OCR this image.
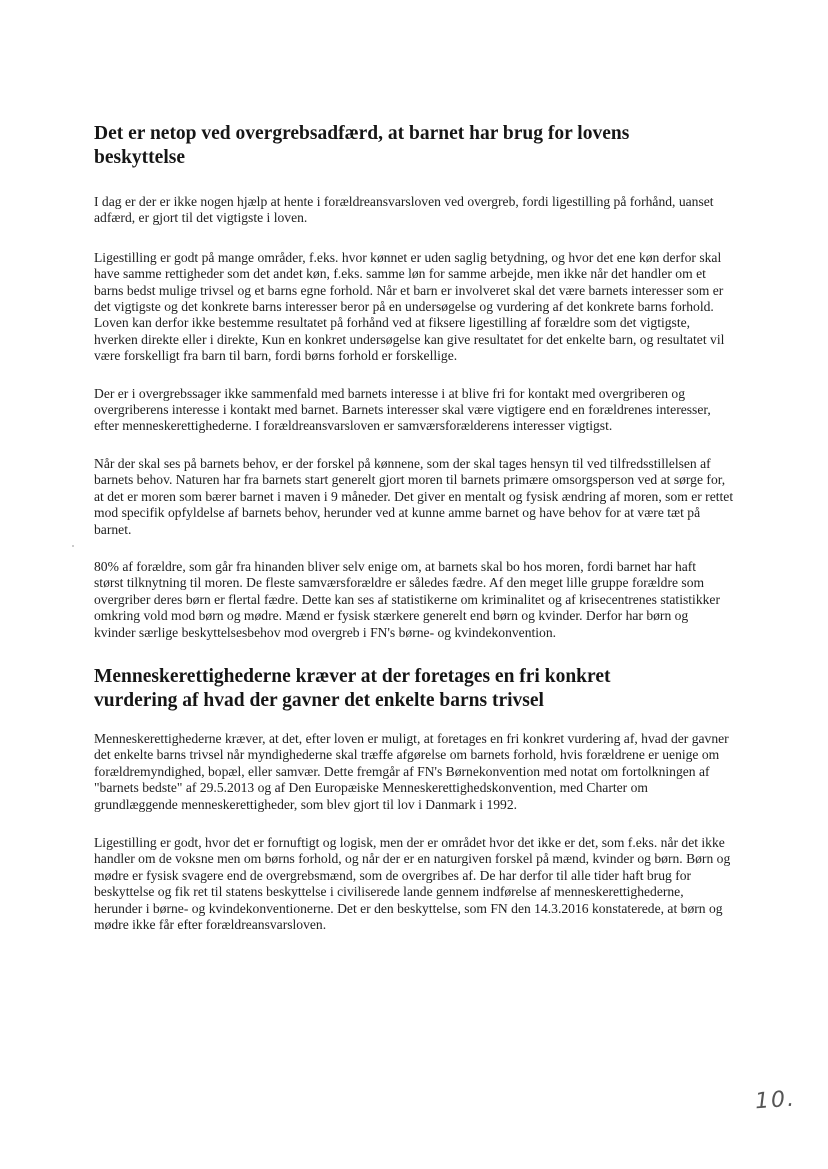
Det er netop ved overgrebsadfærd, at barnet har brug for lovens beskyttelse

I dag er der er ikke nogen hjælp at hente i forældreansvarsloven ved overgreb, fordi ligestilling på forhånd, uanset adfærd, er gjort til det vigtigste i loven.

Ligestilling er godt på mange områder, f.eks. hvor kønnet er uden saglig betydning, og hvor det ene køn derfor skal have samme rettigheder som det andet køn, f.eks. samme løn for samme arbejde, men ikke når det handler om et barns bedst mulige trivsel og et barns egne forhold. Når et barn er involveret skal det være barnets interesser som er det vigtigste og det konkrete barns interesser beror på en undersøgelse og vurdering af det konkrete barns forhold. Loven kan derfor ikke bestemme resultatet på forhånd ved at fiksere ligestilling af forældre som det vigtigste, hverken direkte eller i direkte, Kun en konkret undersøgelse kan give resultatet for det enkelte barn, og resultatet vil være forskelligt fra barn til barn, fordi børns forhold er forskellige.

Der er i overgrebssager ikke sammenfald med barnets interesse i at blive fri for kontakt med overgriberen og overgriberens interesse i kontakt med barnet. Barnets interesser skal være vigtigere end en forældrenes interesser, efter menneskerettighederne. I forældreansvarsloven er samværsforælderens interesser vigtigst.

Når der skal ses på barnets behov, er der forskel på kønnene, som der skal tages hensyn til ved tilfredsstillelsen af barnets behov. Naturen har fra barnets start generelt gjort moren til barnets primære omsorgsperson ved at sørge for, at det er moren som bærer barnet i maven i 9 måneder. Det giver en mentalt og fysisk ændring af moren, som er rettet mod specifik opfyldelse af barnets behov, herunder ved at kunne amme barnet og have behov for at være tæt på barnet.

80% af forældre, som går fra hinanden bliver selv enige om, at barnets skal bo hos moren, fordi barnet har haft størst tilknytning til moren. De fleste samværsforældre er således fædre. Af den meget lille gruppe forældre som overgriber deres børn er flertal fædre. Dette kan ses af statistikerne om kriminalitet og af krisecentrenes statistikker omkring vold mod børn og mødre. Mænd er fysisk stærkere generelt end børn og kvinder. Derfor har børn og kvinder særlige beskyttelsesbehov mod overgreb i FN's børne- og kvindekonvention.

Menneskerettighederne kræver at der foretages en fri konkret vurdering af hvad der gavner det enkelte barns trivsel

Menneskerettighederne kræver, at det, efter loven er muligt, at foretages en fri konkret vurdering af, hvad der gavner det enkelte barns trivsel når myndighederne skal træffe afgørelse om barnets forhold, hvis forældrene er uenige om forældremyndighed, bopæl, eller samvær. Dette fremgår af FN's Børnekonvention med notat om fortolkningen af "barnets bedste" af 29.5.2013 og af Den Europæiske Menneskerettighedskonvention, med Charter om grundlæggende menneskerettigheder, som blev gjort til lov i Danmark i 1992.

Ligestilling er godt, hvor det er fornuftigt og logisk, men der er området hvor det ikke er det, som f.eks. når det ikke handler om de voksne men om børns forhold, og når der er en naturgiven forskel på mænd, kvinder og børn. Børn og mødre er fysisk svagere end de overgrebsmænd, som de overgribes af. De har derfor til alle tider haft brug for beskyttelse og fik ret til statens beskyttelse i civiliserede lande gennem indførelse af menneskerettighederne, herunder i børne- og kvindekonventionerne. Det er den beskyttelse, som FN den 14.3.2016 konstaterede, at børn og mødre ikke får efter forældreansvarsloven.

10.
